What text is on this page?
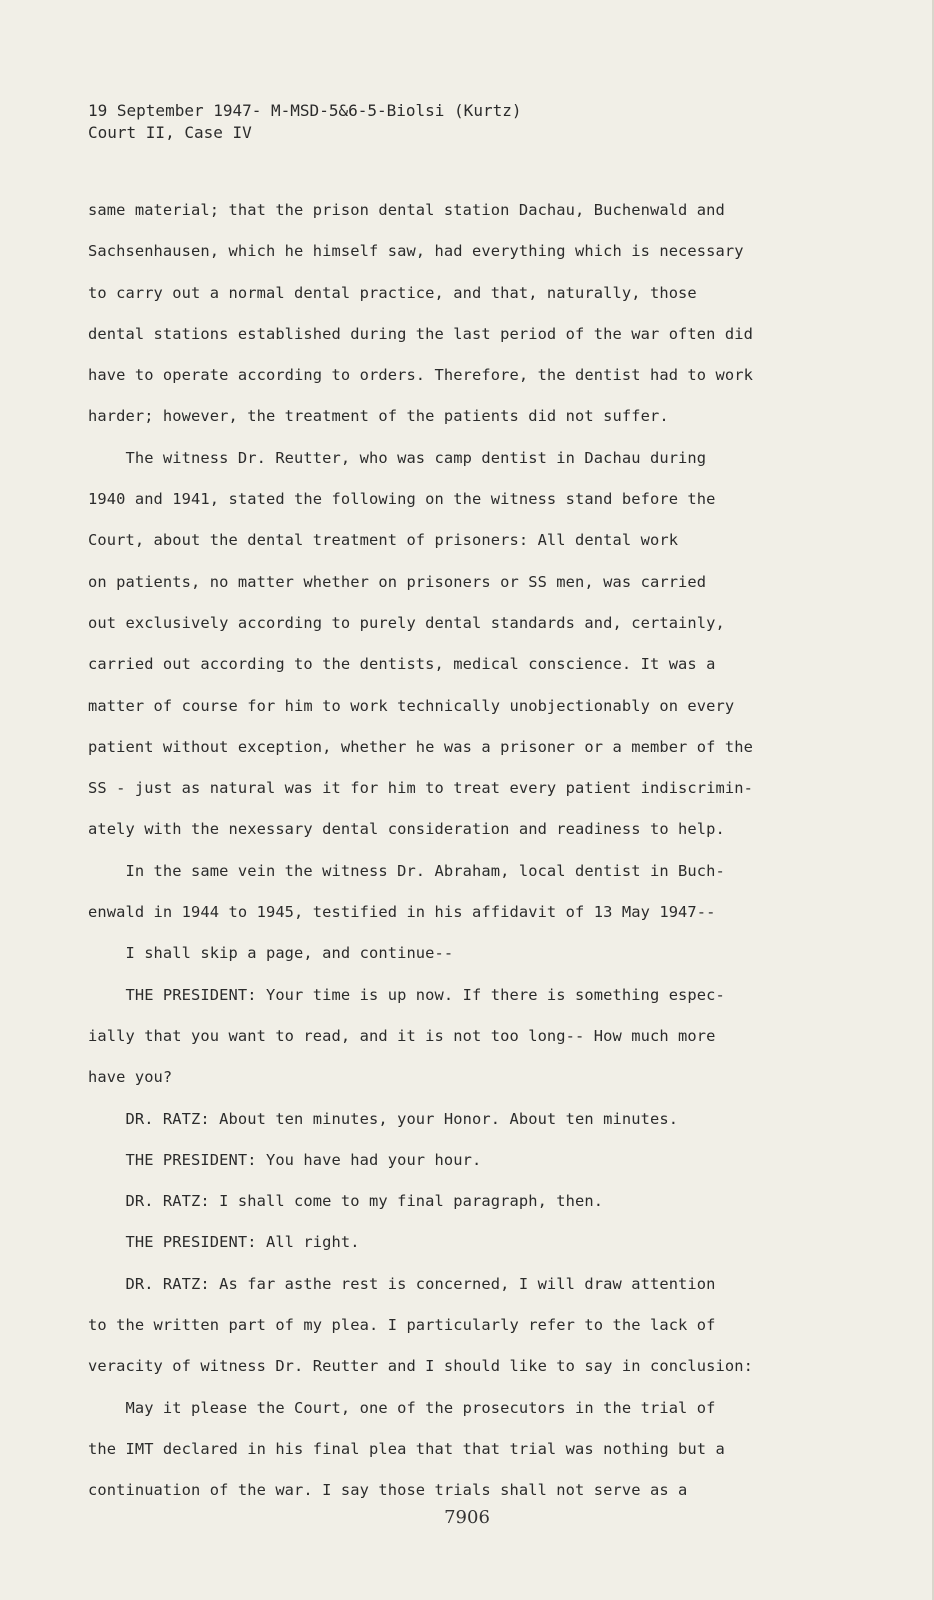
19 September 1947- M-MSD-5&6-5-Biolsi (Kurtz)
Court II, Case IV
same material; that the prison dental station Dachau, Buchenwald and
Sachsenhausen, which he himself saw, had everything which is necessary
to carry out a normal dental practice, and that, naturally, those
dental stations established during the last period of the war often did
have to operate according to orders. Therefore, the dentist had to work
harder; however, the treatment of the patients did not suffer.
The witness Dr. Reutter, who was camp dentist in Dachau during
1940 and 1941, stated the following on the witness stand before the
Court, about the dental treatment of prisoners: All dental work
on patients, no matter whether on prisoners or SS men, was carried
out exclusively according to purely dental standards and, certainly,
carried out according to the dentists, medical conscience. It was a
matter of course for him to work technically unobjectionably on every
patient without exception, whether he was a prisoner or a member of the
SS - just as natural was it for him to treat every patient indiscrimin-
ately with the nexessary dental consideration and readiness to help.
In the same vein the witness Dr. Abraham, local dentist in Buch-
enwald in 1944 to 1945, testified in his affidavit of 13 May 1947--
I shall skip a page, and continue--
THE PRESIDENT: Your time is up now. If there is something espec-
ially that you want to read, and it is not too long-- How much more
have you?
DR. RATZ: About ten minutes, your Honor. About ten minutes.
THE PRESIDENT: You have had your hour.
DR. RATZ: I shall come to my final paragraph, then.
THE PRESIDENT: All right.
DR. RATZ: As far asthe rest is concerned, I will draw attention
to the written part of my plea. I particularly refer to the lack of
veracity of witness Dr. Reutter and I should like to say in conclusion:
May it please the Court, one of the prosecutors in the trial of
the IMT declared in his final plea that that trial was nothing but a
continuation of the war. I say those trials shall not serve as a
7906
